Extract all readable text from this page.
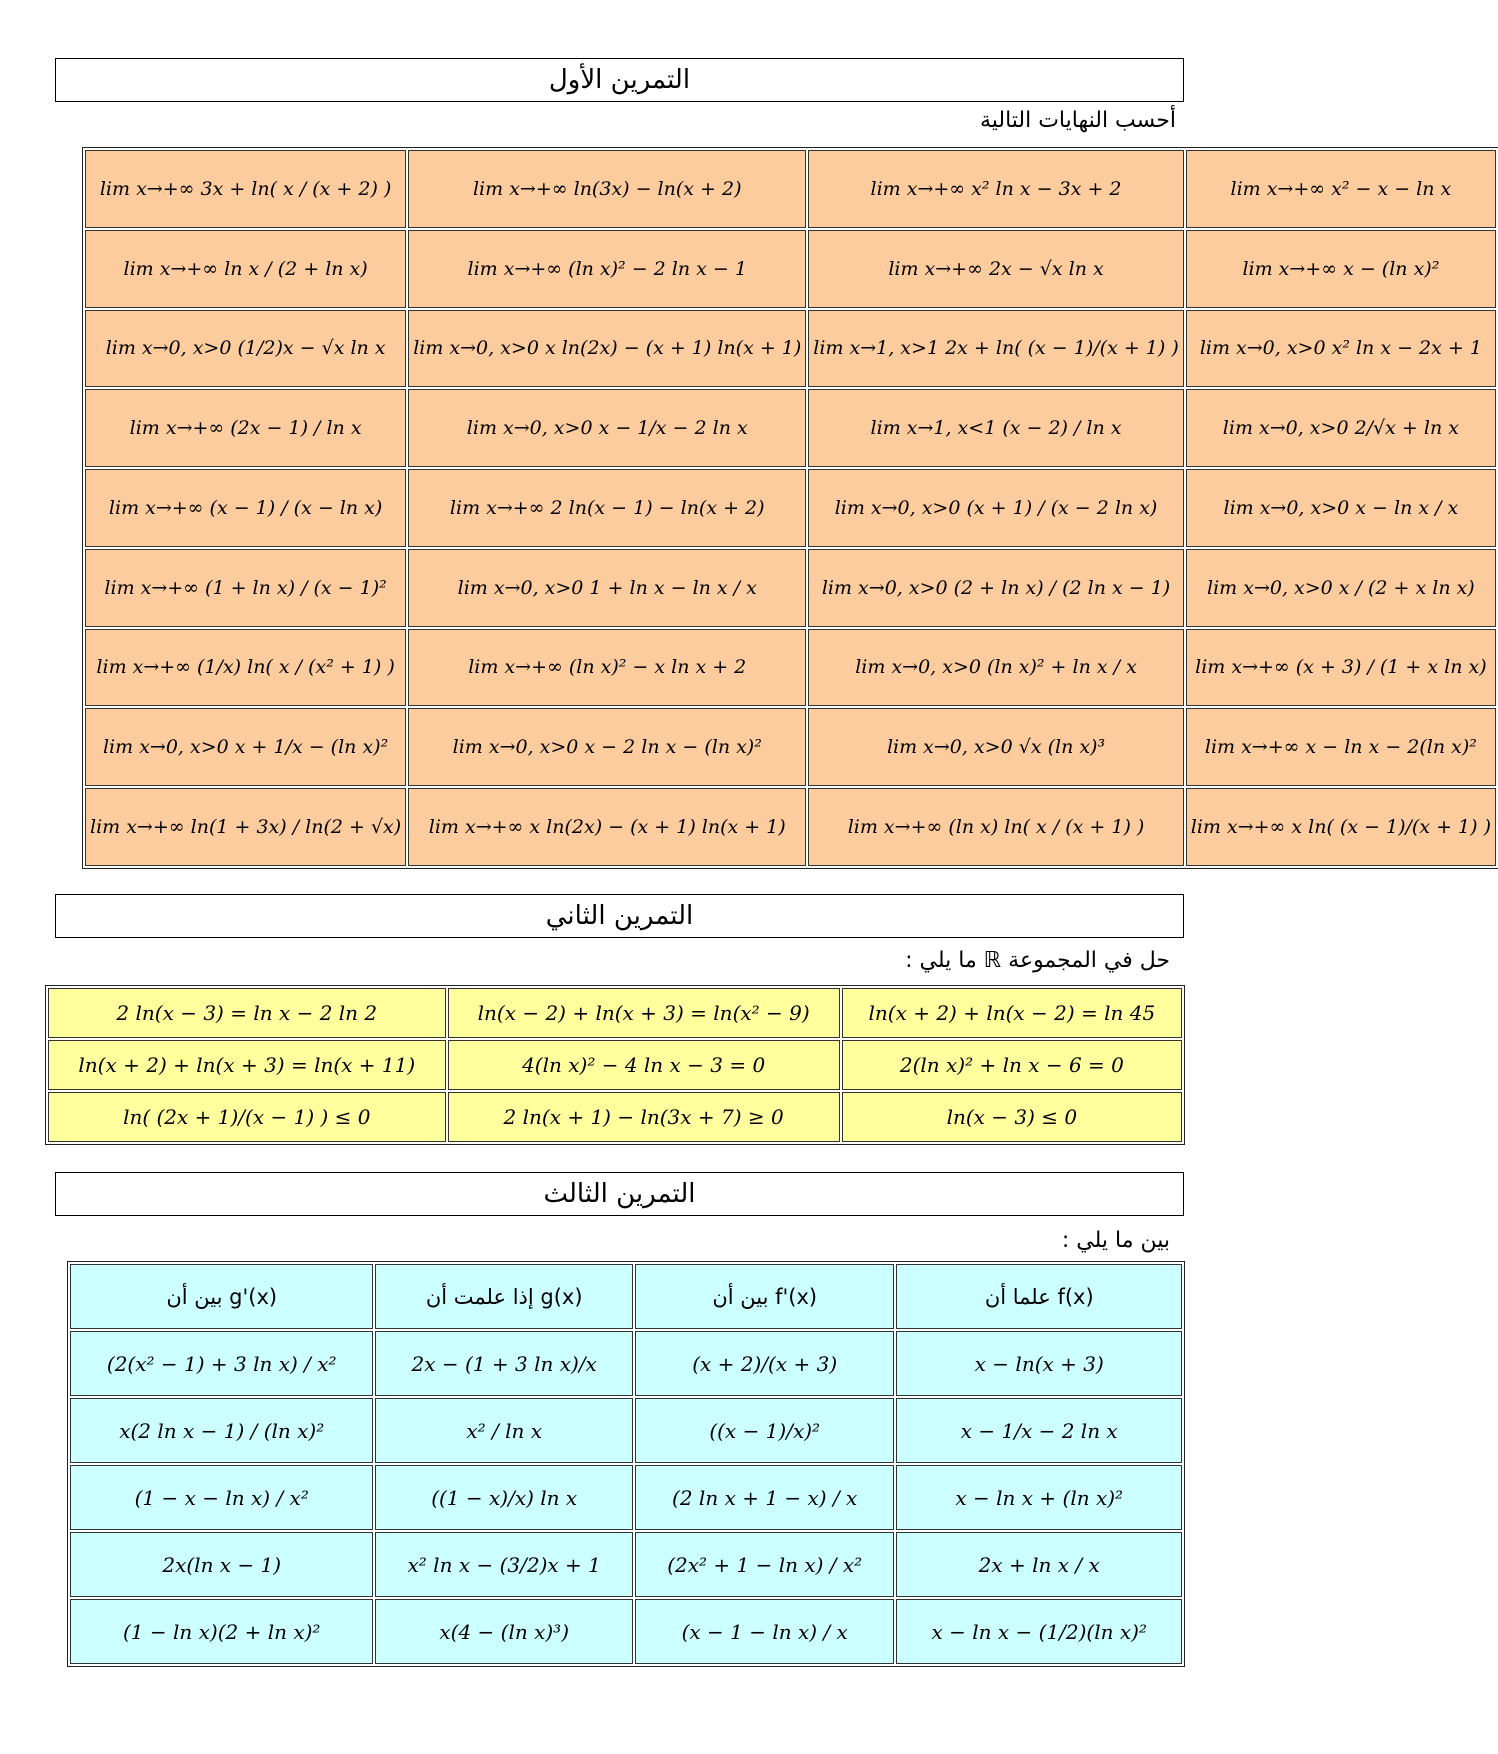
التمرين الأول
أحسب النهايات التالية
lim x→+∞ 3x + ln( x / (x + 2) )	lim x→+∞ ln(3x) − ln(x + 2)	lim x→+∞ x² ln x − 3x + 2	lim x→+∞ x² − x − ln x
lim x→+∞ ln x / (2 + ln x)	lim x→+∞ (ln x)² − 2 ln x − 1	lim x→+∞ 2x − √x ln x	lim x→+∞ x − (ln x)²
lim x→0, x>0 (1/2)x − √x ln x	lim x→0, x>0 x ln(2x) − (x + 1) ln(x + 1)	lim x→1, x>1 2x + ln( (x − 1)/(x + 1) )	lim x→0, x>0 x² ln x − 2x + 1
lim x→+∞ (2x − 1) / ln x	lim x→0, x>0 x − 1/x − 2 ln x	lim x→1, x<1 (x − 2) / ln x	lim x→0, x>0 2/√x + ln x
lim x→+∞ (x − 1) / (x − ln x)	lim x→+∞ 2 ln(x − 1) − ln(x + 2)	lim x→0, x>0 (x + 1) / (x − 2 ln x)	lim x→0, x>0 x − ln x / x
lim x→+∞ (1 + ln x) / (x − 1)²	lim x→0, x>0 1 + ln x − ln x / x	lim x→0, x>0 (2 + ln x) / (2 ln x − 1)	lim x→0, x>0 x / (2 + x ln x)
lim x→+∞ (1/x) ln( x / (x² + 1) )	lim x→+∞ (ln x)² − x ln x + 2	lim x→0, x>0 (ln x)² + ln x / x	lim x→+∞ (x + 3) / (1 + x ln x)
lim x→0, x>0 x + 1/x − (ln x)²	lim x→0, x>0 x − 2 ln x − (ln x)²	lim x→0, x>0 √x (ln x)³	lim x→+∞ x − ln x − 2(ln x)²
lim x→+∞ ln(1 + 3x) / ln(2 + √x)	lim x→+∞ x ln(2x) − (x + 1) ln(x + 1)	lim x→+∞ (ln x) ln( x / (x + 1) )	lim x→+∞ x ln( (x − 1)/(x + 1) )
التمرين الثاني
حل في المجموعة ℝ ما يلي :
2 ln(x − 3) = ln x − 2 ln 2	ln(x − 2) + ln(x + 3) = ln(x² − 9)	ln(x + 2) + ln(x − 2) = ln 45
ln(x + 2) + ln(x + 3) = ln(x + 11)	4(ln x)² − 4 ln x − 3 = 0	2(ln x)² + ln x − 6 = 0
ln( (2x + 1)/(x − 1) ) ≤ 0	2 ln(x + 1) − ln(3x + 7) ≥ 0	ln(x − 3) ≤ 0
التمرين الثالث
بين ما يلي :
بين أن g'(x)	إذا علمت أن g(x)	بين أن f'(x)	علما أن f(x)
(2(x² − 1) + 3 ln x) / x²	2x − (1 + 3 ln x)/x	(x + 2)/(x + 3)	x − ln(x + 3)
x(2 ln x − 1) / (ln x)²	x² / ln x	((x − 1)/x)²	x − 1/x − 2 ln x
(1 − x − ln x) / x²	((1 − x)/x) ln x	(2 ln x + 1 − x) / x	x − ln x + (ln x)²
2x(ln x − 1)	x² ln x − (3/2)x + 1	(2x² + 1 − ln x) / x²	2x + ln x / x
(1 − ln x)(2 + ln x)²	x(4 − (ln x)³)	(x − 1 − ln x) / x	x − ln x − (1/2)(ln x)²
